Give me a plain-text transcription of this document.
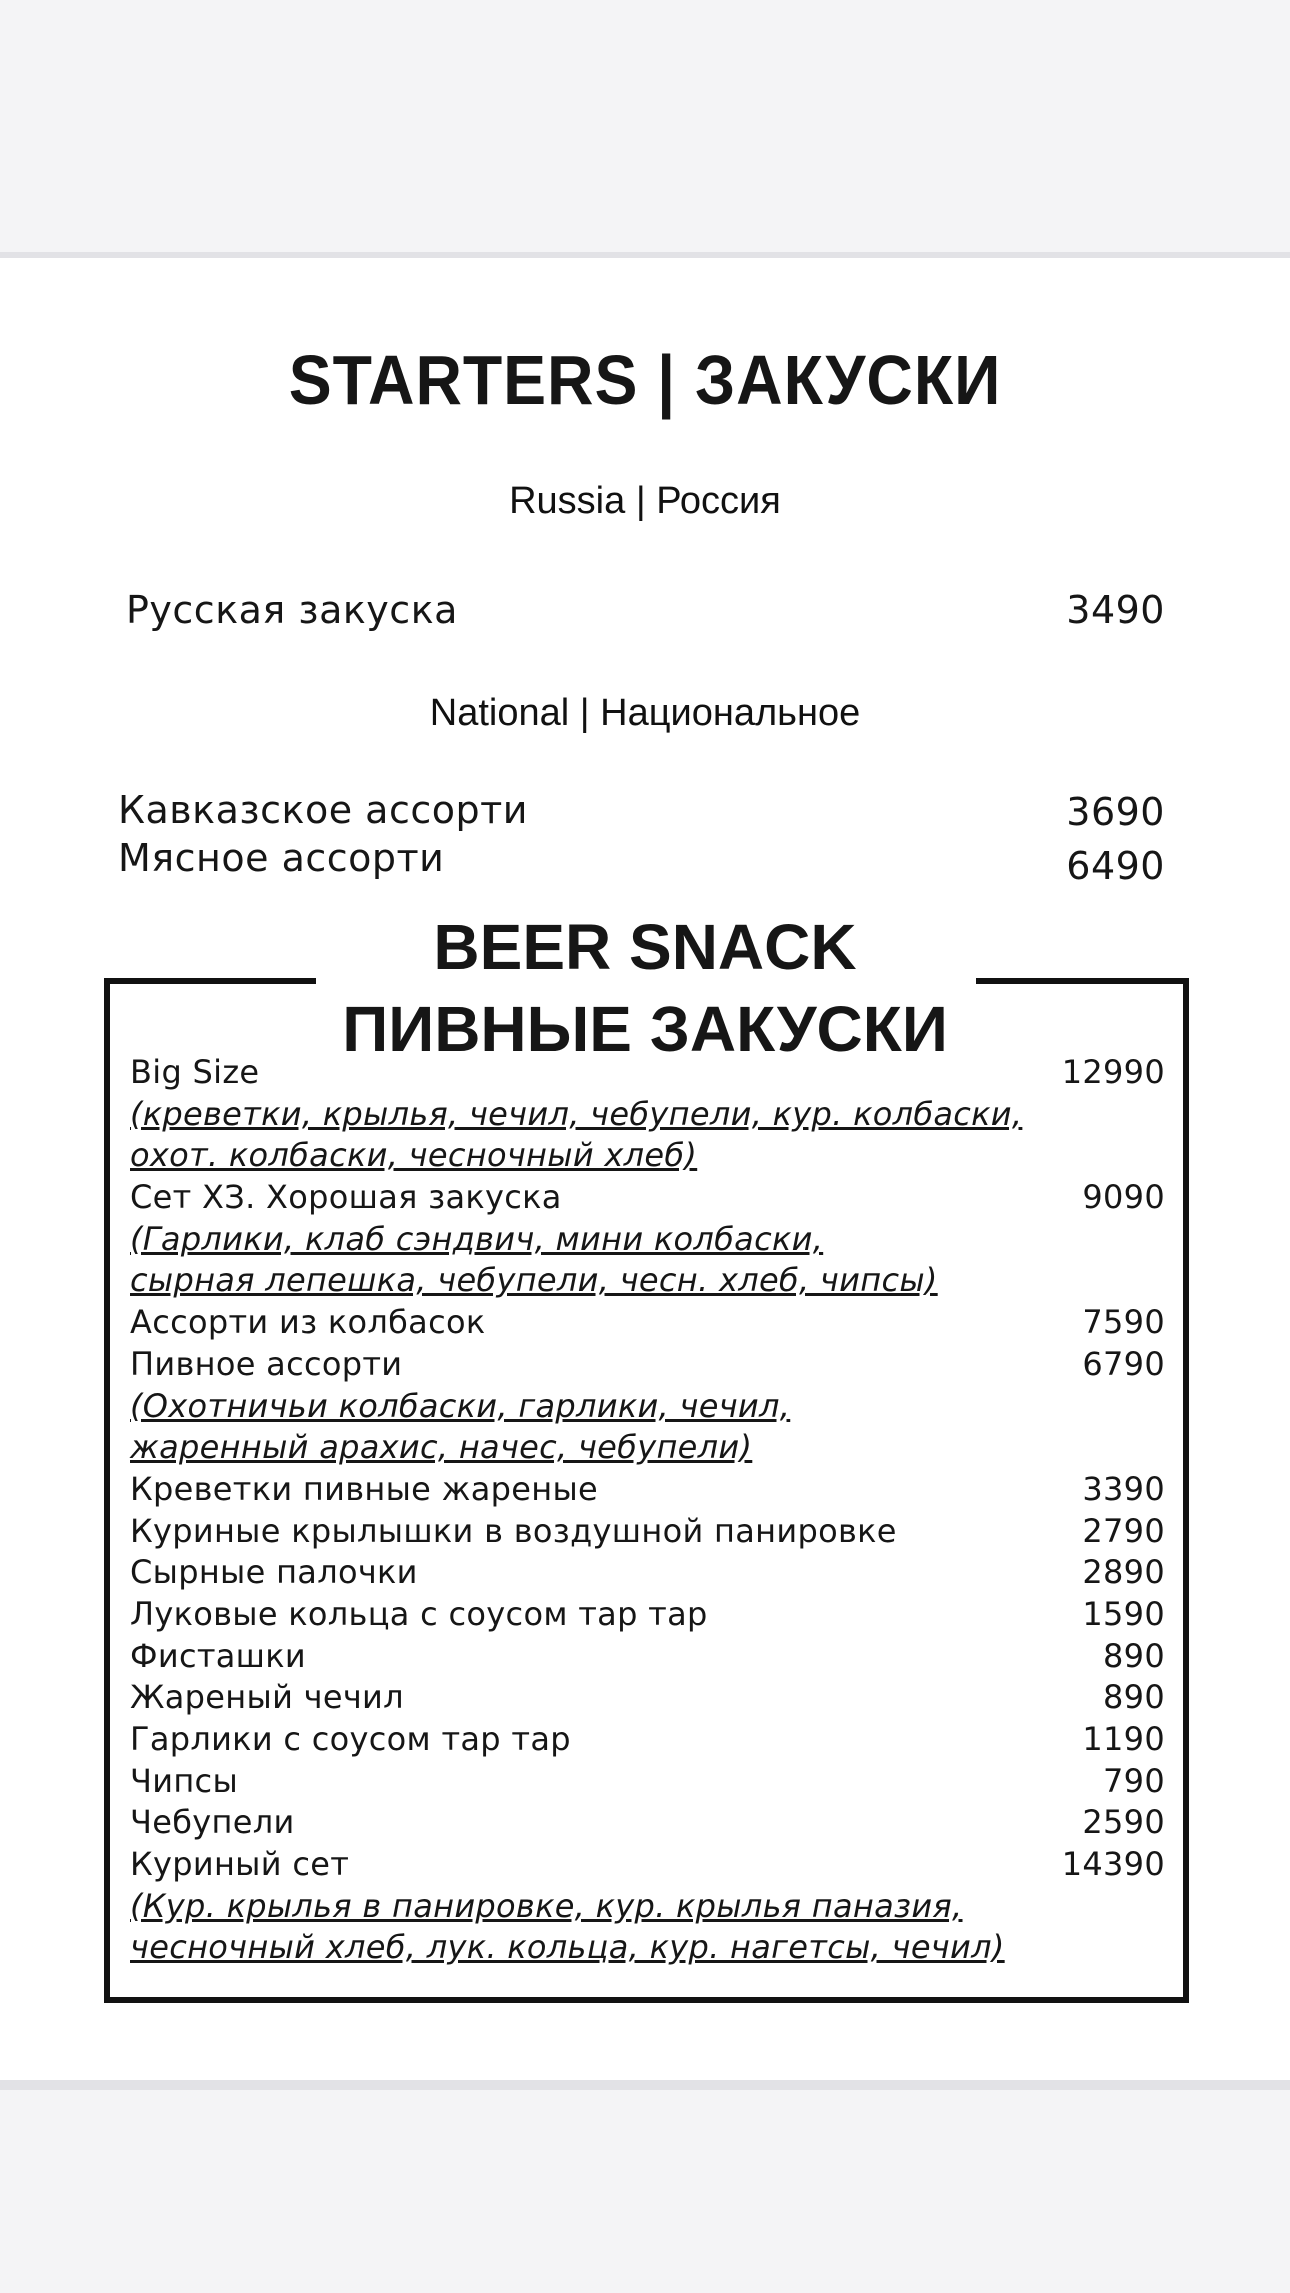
STARTERS | ЗАКУСКИ
Russia | Россия
Русская закуска	3490
National | Национальное
Кавказское ассорти	3690
Мясное ассорти	6490
BEER SNACK
ПИВНЫЕ ЗАКУСКИ
Big Size	12990
(креветки, крылья, чечил, чебупели, кур. колбаски,
охот. колбаски, чесночный хлеб)
Сет ХЗ. Хорошая закуска	9090
(Гарлики, клаб сэндвич, мини колбаски,
сырная лепешка, чебупели, чесн. хлеб, чипсы)
Ассорти из колбасок	7590
Пивное ассорти	6790
(Охотничьи колбаски, гарлики, чечил,
жаренный арахис, начес, чебупели)
Креветки пивные жареные	3390
Куриные крылышки в воздушной панировке	2790
Сырные палочки	2890
Луковые кольца с соусом тар тар	1590
Фисташки	890
Жареный чечил	890
Гарлики с соусом тар тар	1190
Чипсы	790
Чебупели	2590
Куриный сет	14390
(Кур. крылья в панировке, кур. крылья паназия,
чесночный хлеб, лук. кольца, кур. нагетсы, чечил)
